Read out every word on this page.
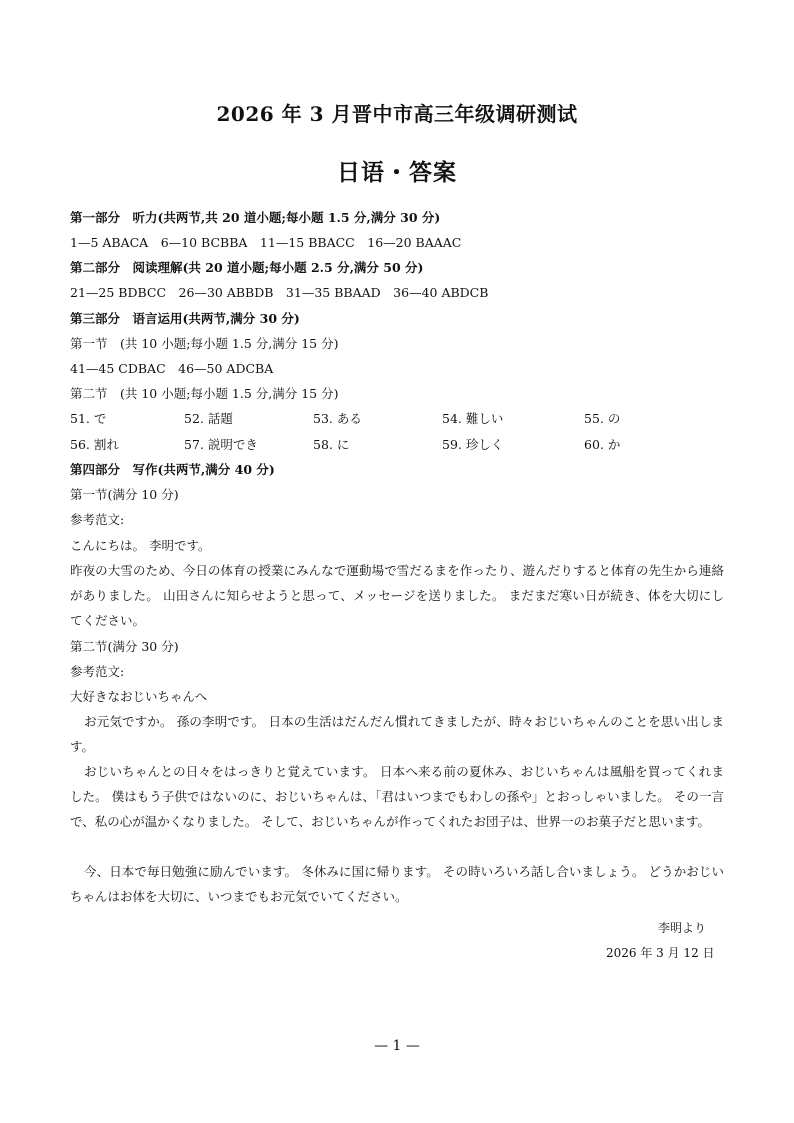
2026 年 3 月晋中市高三年级调研测试
日语・答案
第一部分　听力(共两节,共 20 道小题;每小题 1.5 分,满分 30 分)
1—5 ABACA　6—10 BCBBA　11—15 BBACC　16—20 BAAAC
第二部分　阅读理解(共 20 道小题;每小题 2.5 分,满分 50 分)
21—25 BDBCC　26—30 ABBDB　31—35 BBAAD　36—40 ABDCB
第三部分　语言运用(共两节,满分 30 分)
第一节　(共 10 小题;每小题 1.5 分,满分 15 分)
41—45 CDBAC　46—50 ADCBA
第二节　(共 10 小题;每小题 1.5 分,满分 15 分)
51. で	52. 話題	53. ある	54. 難しい	55. の
56. 割れ	57. 説明でき	58. に	59. 珍しく	60. か
第四部分　写作(共两节,满分 40 分)
第一节(满分 10 分)
参考范文:
こんにちは。 李明です。
昨夜の大雪のため、今日の体育の授業にみんなで運動場で雪だるまを作ったり、遊んだりすると体育の先生から連絡がありました。 山田さんに知らせようと思って、メッセージを送りました。 まだまだ寒い日が続き、体を大切にしてください。
第二节(满分 30 分)
参考范文:
大好きなおじいちゃんへ
お元気ですか。 孫の李明です。 日本の生活はだんだん慣れてきましたが、時々おじいちゃんのことを思い出します。
おじいちゃんとの日々をはっきりと覚えています。 日本へ来る前の夏休み、おじいちゃんは風船を買ってくれました。 僕はもう子供ではないのに、おじいちゃんは、「君はいつまでもわしの孫や」とおっしゃいました。 その一言で、私の心が温かくなりました。 そして、おじいちゃんが作ってくれたお団子は、世界一のお菓子だと思います。
今、日本で毎日勉強に励んでいます。 冬休みに国に帰ります。 その時いろいろ話し合いましょう。 どうかおじいちゃんはお体を大切に、いつまでもお元気でいてください。
李明より
2026 年 3 月 12 日
— 1 —
